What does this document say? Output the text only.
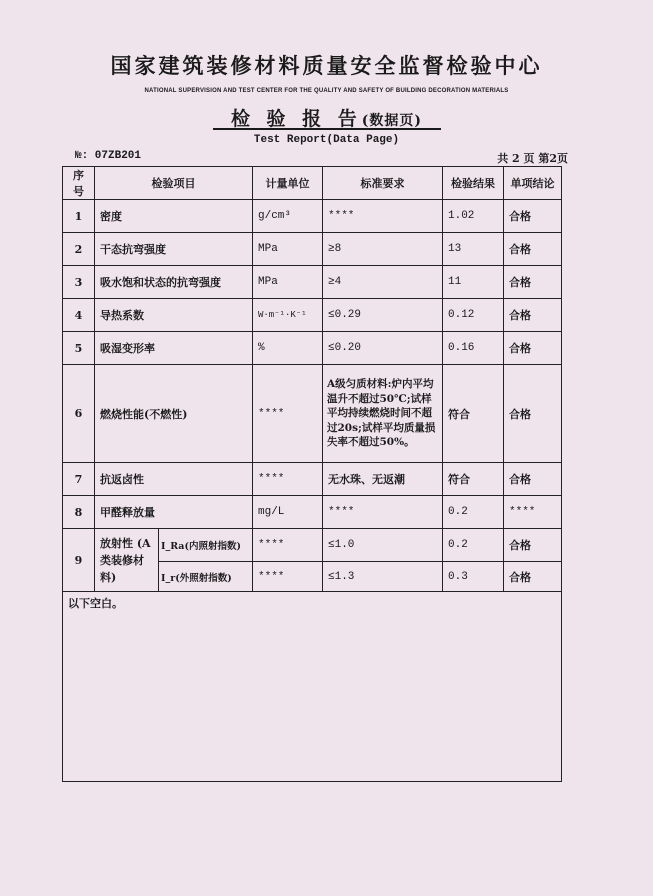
国家建筑装修材料质量安全监督检验中心
NATIONAL SUPERVISION AND TEST CENTER FOR THE QUALITY AND SAFETY OF BUILDING DECORATION MATERIALS
检 验 报 告(数据页)
Test Report(Data Page)
№: 07ZB201	共 2 页 第2页
序号	检验项目		计量单位	标准要求	检验结果	单项结论
1	密度		g/cm³	****	1.02	合格
2	干态抗弯强度		MPa	≥8	13	合格
3	吸水饱和状态的抗弯强度		MPa	≥4	11	合格
4	导热系数		W·m⁻¹·K⁻¹	≤0.29	0.12	合格
5	吸湿变形率		%	≤0.20	0.16	合格
6	燃烧性能(不燃性)		****	A级匀质材料:炉内平均温升不超过50℃;试样平均持续燃烧时间不超过20s;试样平均质量损失率不超过50%。	符合	合格
7	抗返卤性		****	无水珠、无返潮	符合	合格
8	甲醛释放量		mg/L	****	0.2	****
9	放射性 (A 类装修材料)	I_Ra(内照射指数)	****	≤1.0	0.2	合格
		I_r(外照射指数)	****	≤1.3	0.3	合格
以下空白。						
